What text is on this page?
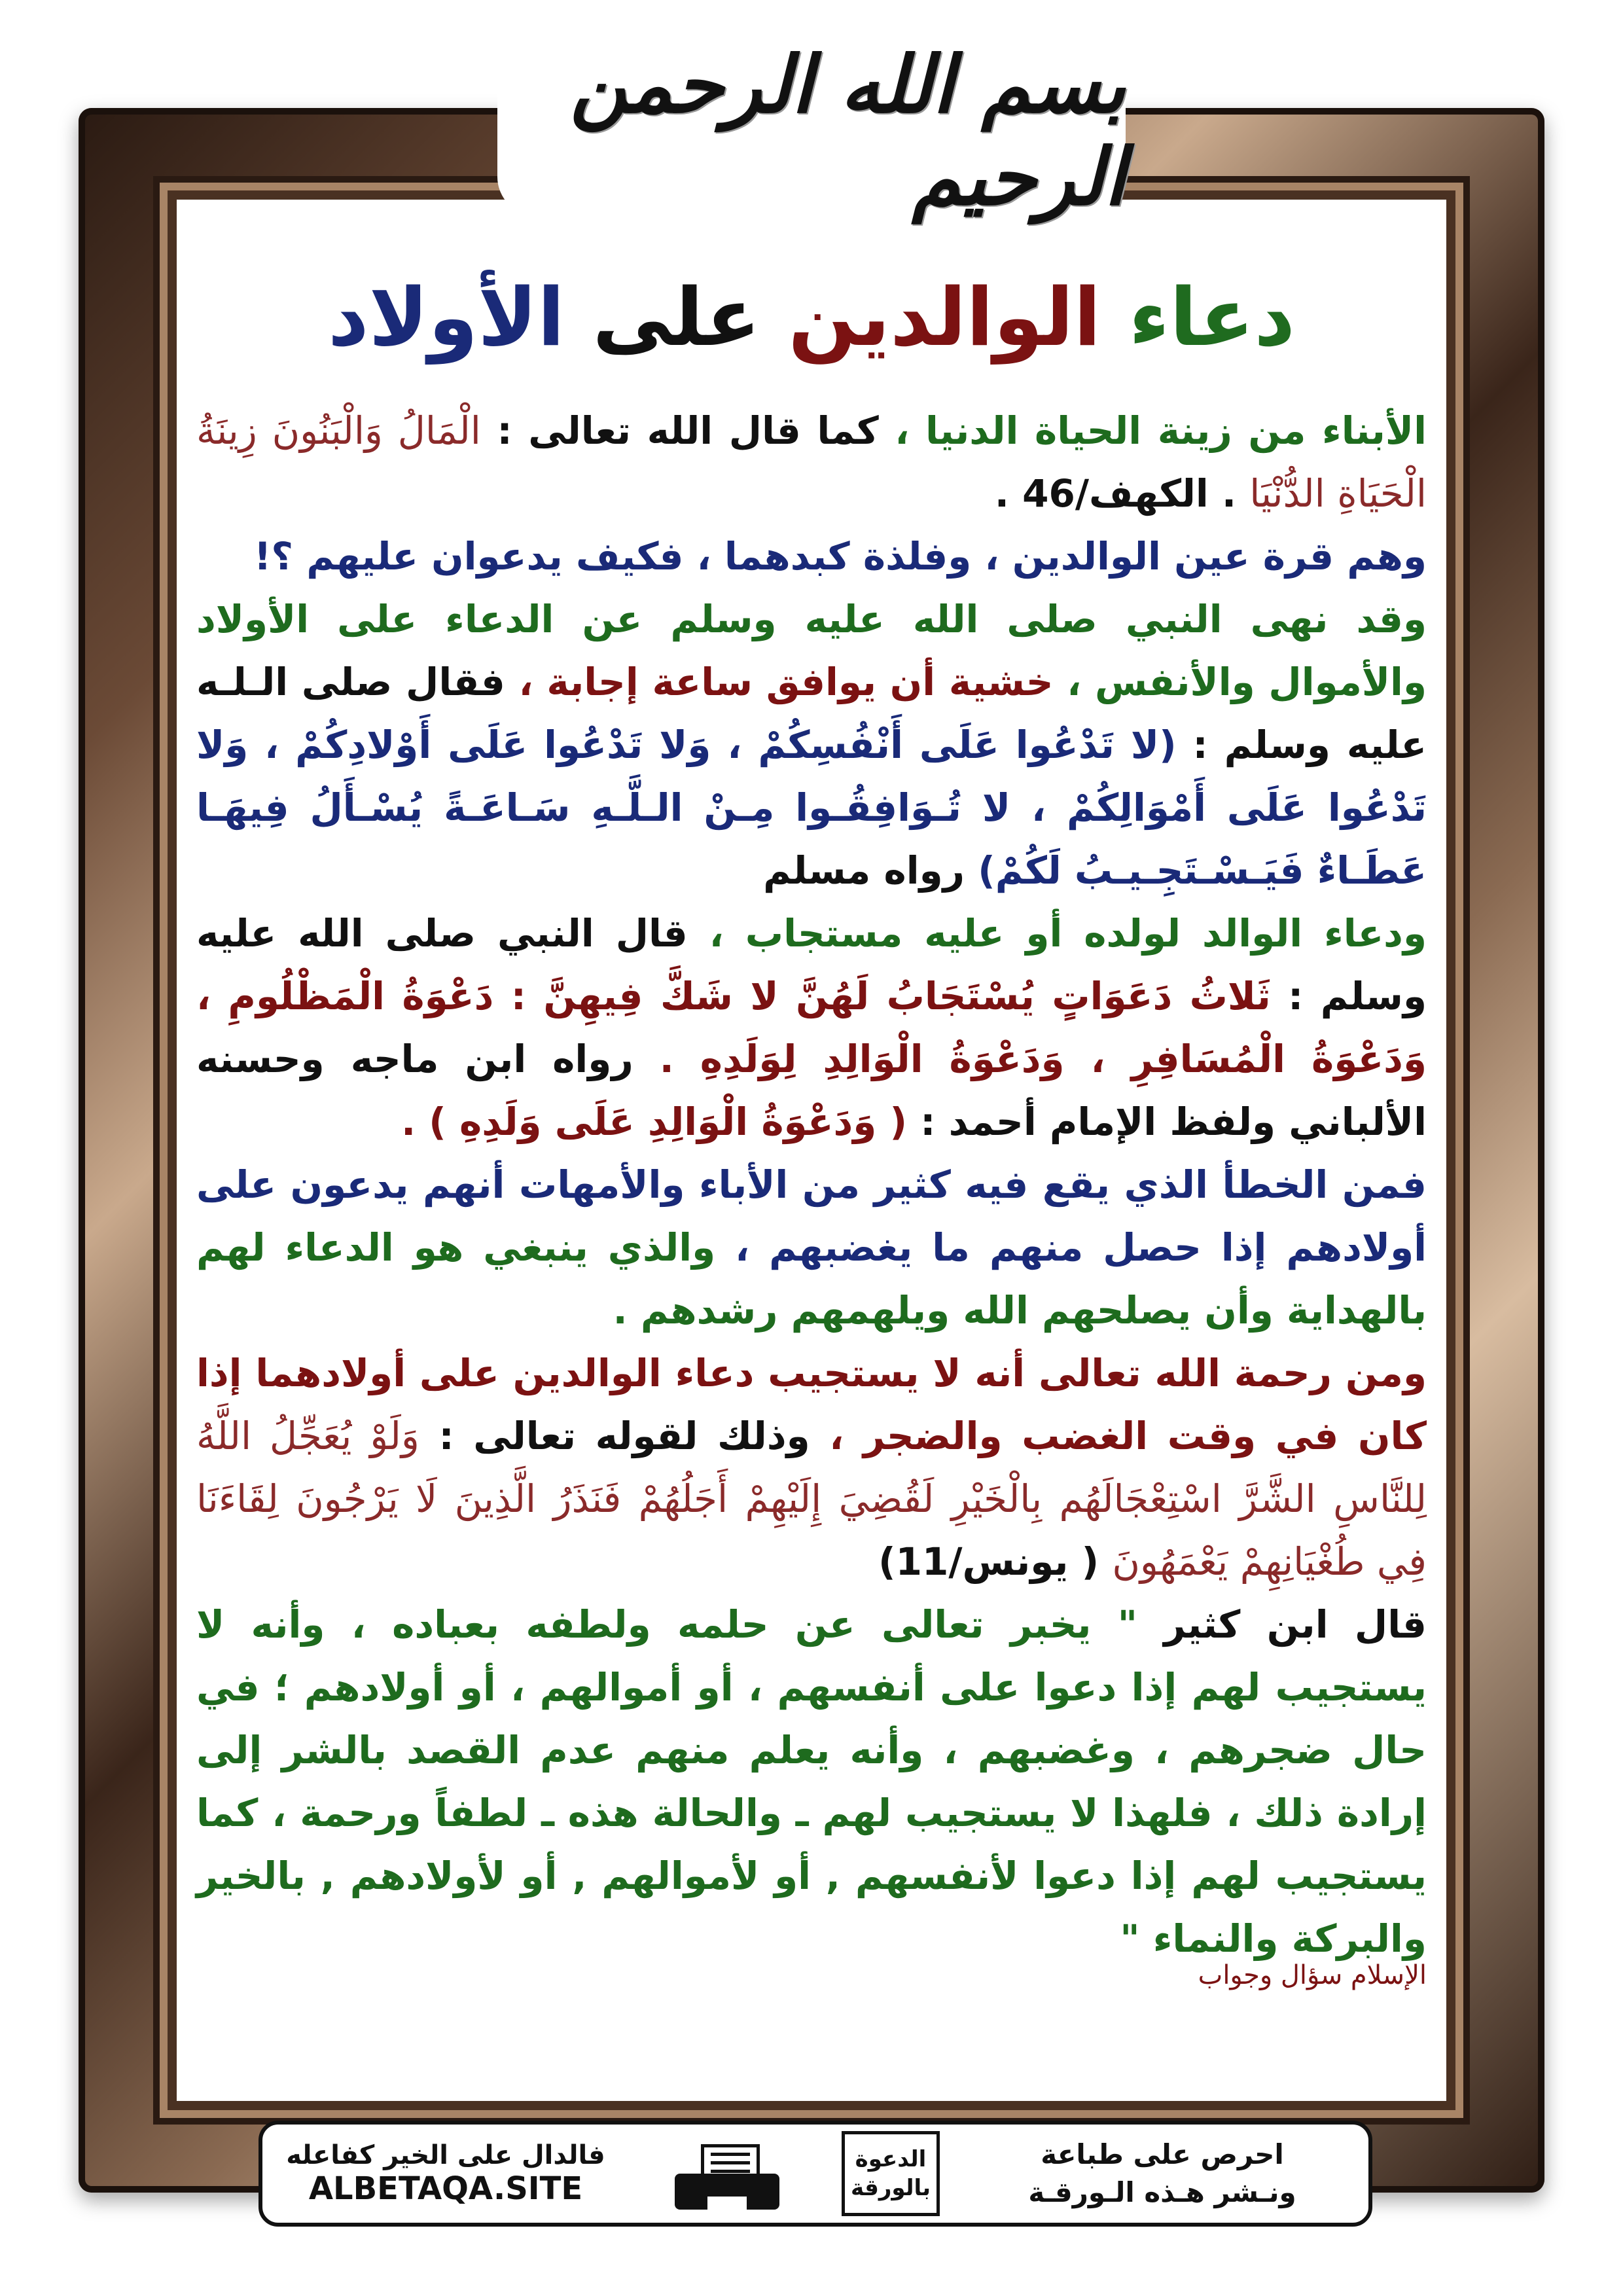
بسم الله الرحمن الرحيم
دعاء الوالدين على الأولاد

الأبناء من زينة الحياة الدنيا ، كما قال الله تعالى : الْمَالُ وَالْبَنُونَ زِينَةُ الْحَيَاةِ الدُّنْيَا . الكهف/46 .

وهم قرة عين الوالدين ، وفلذة كبدهما ، فكيف يدعوان عليهم ؟!

وقد نهى النبي صلى الله عليه وسلم عن الدعاء على الأولاد والأموال والأنفس ، خشية أن يوافق ساعة إجابة ، فقال صلى الـلـه عليه وسلم : (لا تَدْعُوا عَلَى أَنْفُسِكُمْ ، وَلا تَدْعُوا عَلَى أَوْلادِكُمْ ، وَلا تَدْعُوا عَلَى أَمْوَالِكُمْ ، لا تُـوَافِقُـوا مِـنْ الـلَّـهِ سَـاعَـةً يُسْـأَلُ فِيهَـا عَطَـاءٌ فَيَـسْـتَجِـيـبُ لَكُمْ) رواه مسلم

ودعاء الوالد لولده أو عليه مستجاب ، قال النبي صلى الله عليه وسلم : ثَلاثُ دَعَوَاتٍ يُسْتَجَابُ لَهُنَّ لا شَكَّ فِيهِنَّ : دَعْوَةُ الْمَظْلُومِ ، وَدَعْوَةُ الْمُسَافِرِ ، وَدَعْوَةُ الْوَالِدِ لِوَلَدِهِ . رواه ابن ماجه وحسنه الألباني ولفظ الإمام أحمد : ( وَدَعْوَةُ الْوَالِدِ عَلَى وَلَدِهِ ) .

فمن الخطأ الذي يقع فيه كثير من الأباء والأمهات أنهم يدعون على أولادهم إذا حصل منهم ما يغضبهم ، والذي ينبغي هو الدعاء لهم بالهداية وأن يصلحهم الله ويلهمهم رشدهم .

ومن رحمة الله تعالى أنه لا يستجيب دعاء الوالدين على أولادهما إذا كان في وقت الغضب والضجر ، وذلك لقوله تعالى : وَلَوْ يُعَجِّلُ اللَّهُ لِلنَّاسِ الشَّرَّ اسْتِعْجَالَهُم بِالْخَيْرِ لَقُضِيَ إِلَيْهِمْ أَجَلُهُمْ فَنَذَرُ الَّذِينَ لَا يَرْجُونَ لِقَاءَنَا فِي طُغْيَانِهِمْ يَعْمَهُونَ ( يونس/11)

قال ابن كثير " يخبر تعالى عن حلمه ولطفه بعباده ، وأنه لا يستجيب لهم إذا دعوا على أنفسهم ، أو أموالهم ، أو أولادهم ؛ في حال ضجرهم ، وغضبهم ، وأنه يعلم منهم عدم القصد بالشر إلى إرادة ذلك ، فلهذا لا يستجيب لهم ـ والحالة هذه ـ لطفاً ورحمة ، كما يستجيب لهم إذا دعوا لأنفسهم , أو لأموالهم , أو لأولادهم , بالخير والبركة والنماء "

الإسلام سؤال وجواب
فالدال على الخير كفاعله
ALBETAQA.SITE
الدعوة
بالورقة
احرص على طباعة
ونـشر هـذه الـورقـة
